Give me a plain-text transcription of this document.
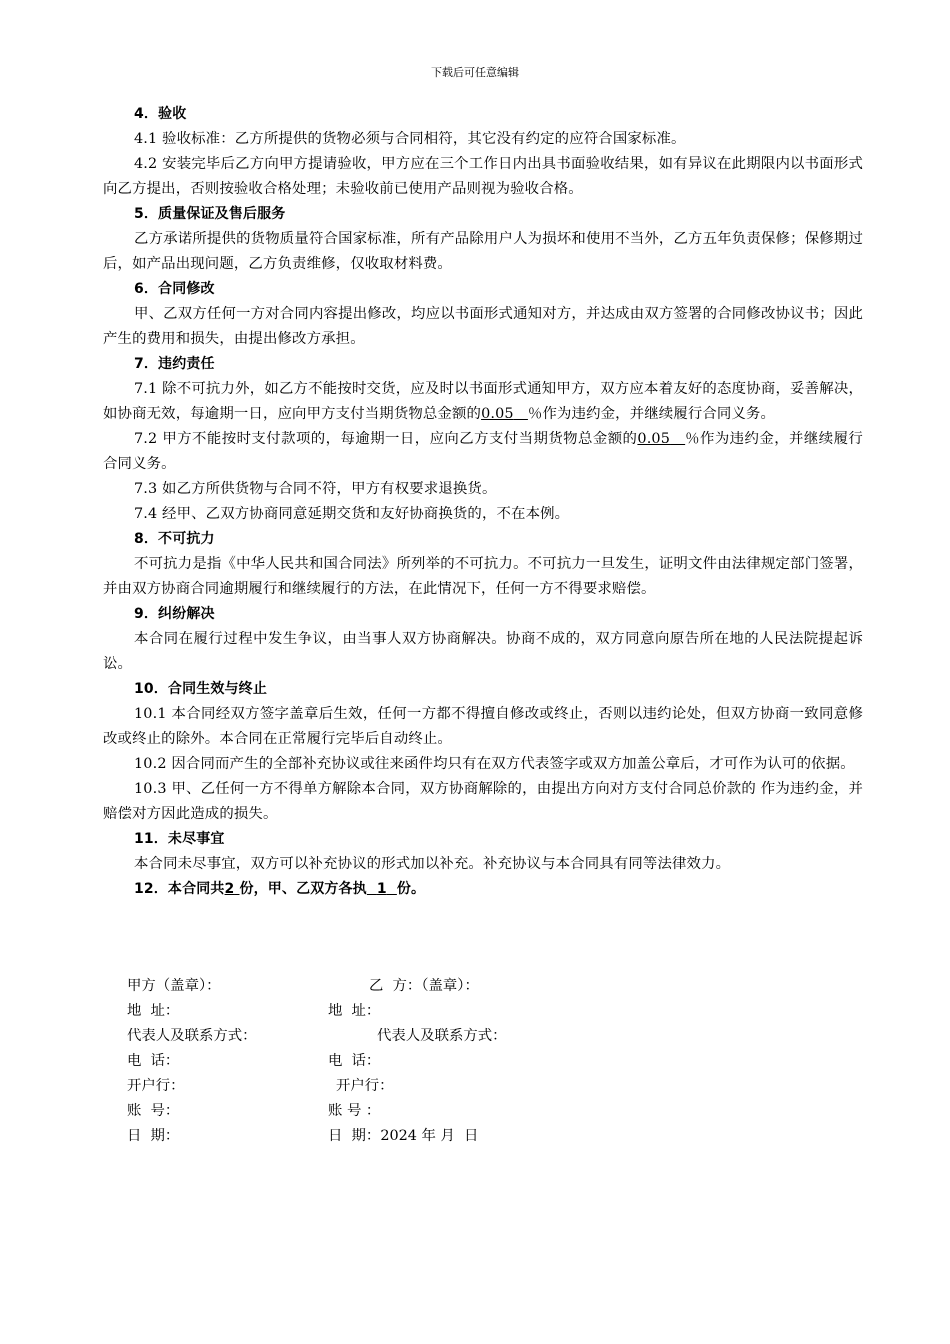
下载后可任意编辑

4．验收

4.1 验收标准：乙方所提供的货物必须与合同相符，其它没有约定的应符合国家标准。

4.2 安装完毕后乙方向甲方提请验收，甲方应在三个工作日内出具书面验收结果，如有异议在此期限内以书面形式向乙方提出，否则按验收合格处理；未验收前已使用产品则视为验收合格。

5．质量保证及售后服务

乙方承诺所提供的货物质量符合国家标准，所有产品除用户人为损坏和使用不当外，乙方五年负责保修；保修期过后，如产品出现问题，乙方负责维修，仅收取材料费。

6．合同修改

甲、乙双方任何一方对合同内容提出修改，均应以书面形式通知对方，并达成由双方签署的合同修改协议书；因此产生的费用和损失，由提出修改方承担。

7．违约责任

7.1 除不可抗力外，如乙方不能按时交货，应及时以书面形式通知甲方，双方应本着友好的态度协商，妥善解决，如协商无效，每逾期一日，应向甲方支付当期货物总金额的0.05 ％作为违约金，并继续履行合同义务。

7.2 甲方不能按时支付款项的，每逾期一日，应向乙方支付当期货物总金额的0.05 ％作为违约金，并继续履行合同义务。

7.3 如乙方所供货物与合同不符，甲方有权要求退换货。

7.4 经甲、乙双方协商同意延期交货和友好协商换货的，不在本例。

8．不可抗力

不可抗力是指《中华人民共和国合同法》所列举的不可抗力。不可抗力一旦发生，证明文件由法律规定部门签署，并由双方协商合同逾期履行和继续履行的方法，在此情况下，任何一方不得要求赔偿。

9．纠纷解决

本合同在履行过程中发生争议，由当事人双方协商解决。协商不成的，双方同意向原告所在地的人民法院提起诉讼。

10．合同生效与终止

10.1 本合同经双方签字盖章后生效，任何一方都不得擅自修改或终止，否则以违约论处，但双方协商一致同意修改或终止的除外。本合同在正常履行完毕后自动终止。

10.2 因合同而产生的全部补充协议或往来函件均只有在双方代表签字或双方加盖公章后，才可作为认可的依据。

10.3 甲、乙任何一方不得单方解除本合同，双方协商解除的，由提出方向对方支付合同总价款的 作为违约金，并赔偿对方因此造成的损失。

11．未尽事宜

本合同未尽事宜，双方可以补充协议的形式加以补充。补充协议与本合同具有同等法律效力。

12．本合同共2 份，甲、乙双方各执 1 份。

甲方（盖章）：	乙  方：（盖章）：
地  址：	地  址：
代表人及联系方式：	代表人及联系方式：
电  话：	电  话：
开户行：	开户行：
账  号：	账 号 ：
日  期：	日  期：2024 年 月  日
